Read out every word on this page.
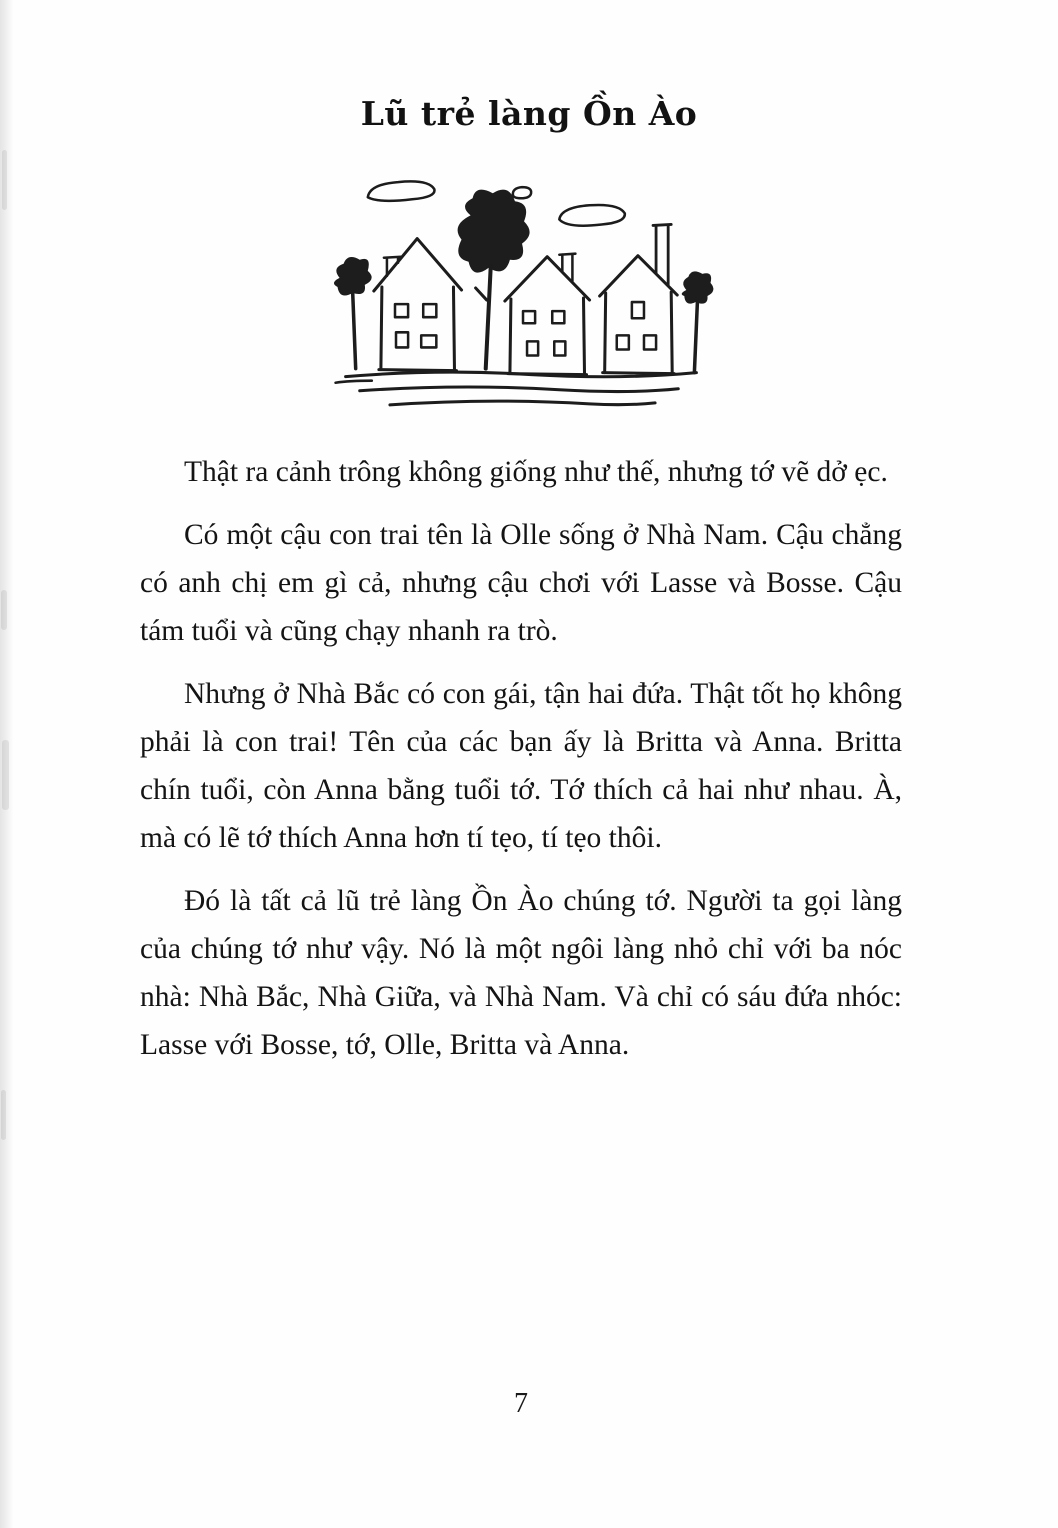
Lũ trẻ làng Ồn Ào

Thật ra cảnh trông không giống như thế, nhưng tớ vẽ dở ẹc.

Có một cậu con trai tên là Olle sống ở Nhà Nam. Cậu chẳng có anh chị em gì cả, nhưng cậu chơi với Lasse và Bosse. Cậu tám tuổi và cũng chạy nhanh ra trò.

Nhưng ở Nhà Bắc có con gái, tận hai đứa. Thật tốt họ không phải là con trai! Tên của các bạn ấy là Britta và Anna. Britta chín tuổi, còn Anna bằng tuổi tớ. Tớ thích cả hai như nhau. À, mà có lẽ tớ thích Anna hơn tí tẹo, tí tẹo thôi.

Đó là tất cả lũ trẻ làng Ồn Ào chúng tớ. Người ta gọi làng của chúng tớ như vậy. Nó là một ngôi làng nhỏ chỉ với ba nóc nhà: Nhà Bắc, Nhà Giữa, và Nhà Nam. Và chỉ có sáu đứa nhóc: Lasse với Bosse, tớ, Olle, Britta và Anna.

7
